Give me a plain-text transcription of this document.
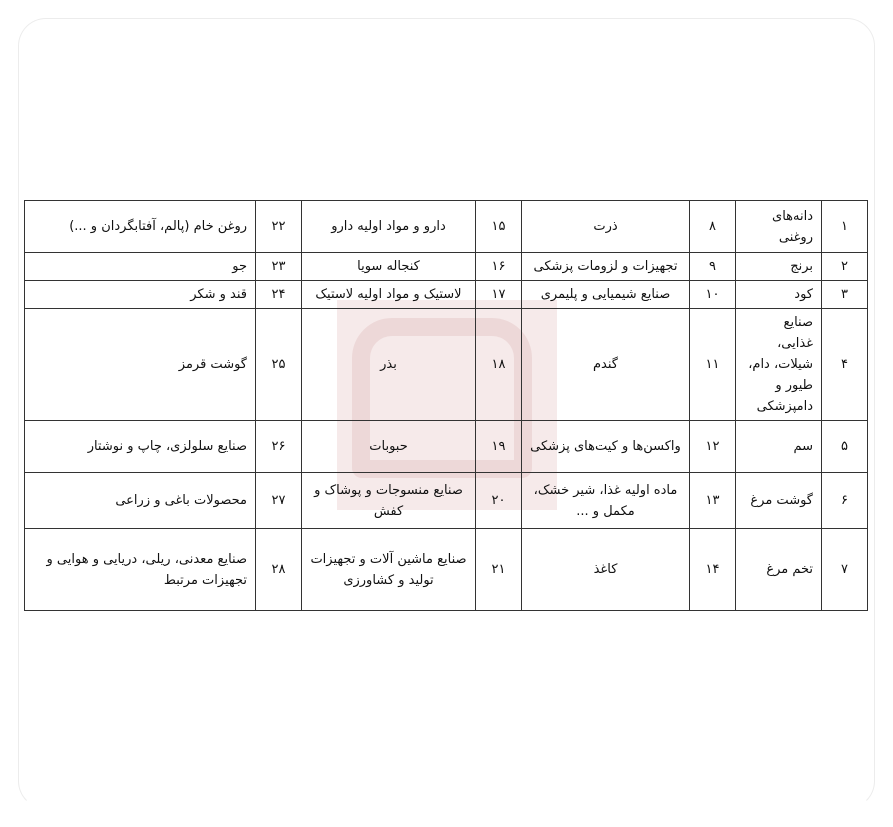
۱	دانه‌های روغنی	۸	ذرت	۱۵	دارو و مواد اولیه دارو	۲۲	روغن خام (پالم، آفتابگردان و ...)
۲	برنج	۹	تجهیزات و لزومات پزشکی	۱۶	کنجاله سویا	۲۳	جو
۳	کود	۱۰	صنایع شیمیایی و پلیمری	۱۷	لاستیک و مواد اولیه لاستیک	۲۴	قند و شکر
۴	صنایع غذایی، شیلات، دام، طیور و دامپزشکی	۱۱	گندم	۱۸	بذر	۲۵	گوشت قرمز
۵	سم	۱۲	واکسن‌ها و کیت‌های پزشکی	۱۹	حبوبات	۲۶	صنایع سلولزی، چاپ و نوشتار
۶	گوشت مرغ	۱۳	ماده اولیه غذا، شیر خشک، مکمل و ...	۲۰	صنایع منسوجات و پوشاک و کفش	۲۷	محصولات باغی و زراعی
۷	تخم مرغ	۱۴	کاغذ	۲۱	صنایع ماشین آلات و تجهیزات تولید و کشاورزی	۲۸	صنایع معدنی، ریلی، دریایی و هوایی و تجهیزات مرتبط
